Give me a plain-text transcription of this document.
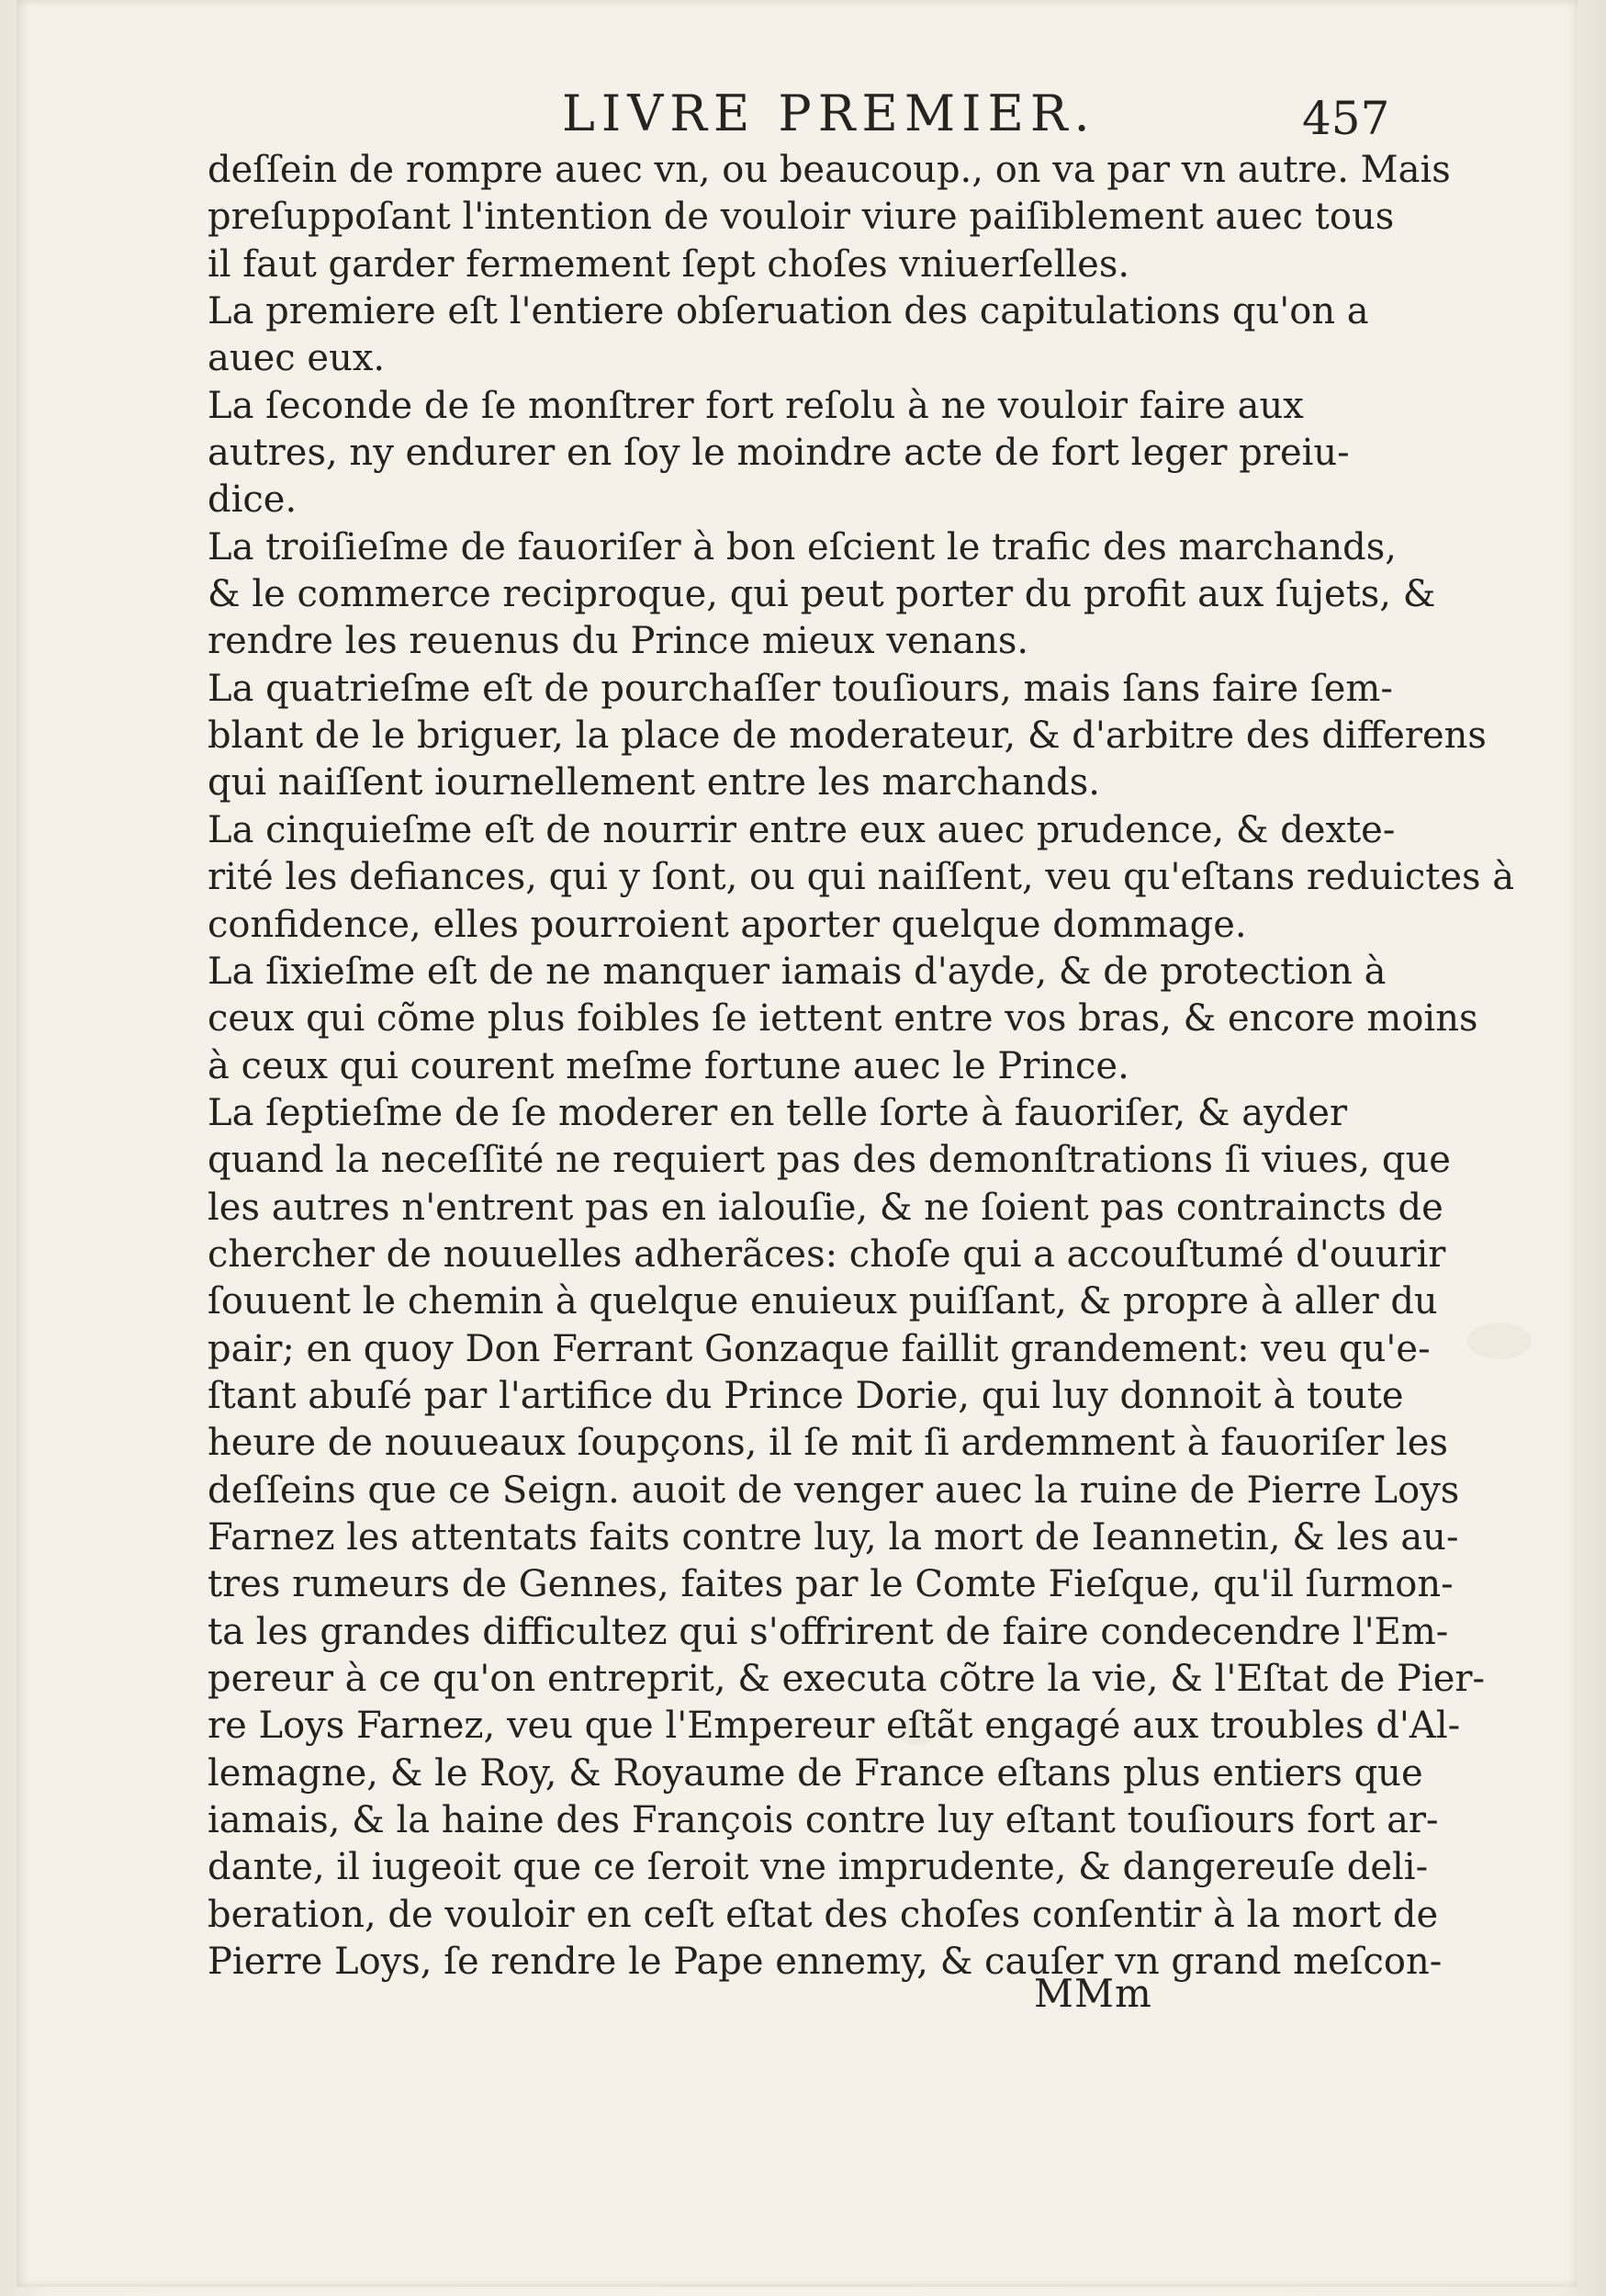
LIVRE PREMIER.	457
deſſein de rompre auec vn, ou beaucoup., on va par vn autre. Mais
preſuppoſant l'intention de vouloir viure paiſiblement auec tous
il faut garder fermement ſept choſes vniuerſelles.
La premiere eſt l'entiere obſeruation des capitulations qu'on a
auec eux.
La ſeconde de ſe monſtrer fort reſolu à ne vouloir faire aux
autres, ny endurer en ſoy le moindre acte de fort leger preiu-
dice.
La troiſieſme de fauoriſer à bon eſcient le trafic des marchands,
& le commerce reciproque, qui peut porter du profit aux ſujets, &
rendre les reuenus du Prince mieux venans.
La quatrieſme eſt de pourchaſſer touſiours, mais ſans faire ſem-
blant de le briguer, la place de moderateur, & d'arbitre des differens
qui naiſſent iournellement entre les marchands.
La cinquieſme eſt de nourrir entre eux auec prudence, & dexte-
rité les defiances, qui y ſont, ou qui naiſſent, veu qu'eſtans reduictes à
confidence, elles pourroient aporter quelque dommage.
La ſixieſme eſt de ne manquer iamais d'ayde, & de protection à
ceux qui cõme plus foibles ſe iettent entre vos bras, & encore moins
à ceux qui courent meſme fortune auec le Prince.
La ſeptieſme de ſe moderer en telle ſorte à fauoriſer, & ayder
quand la neceſſité ne requiert pas des demonſtrations ſi viues, que
les autres n'entrent pas en ialouſie, & ne ſoient pas contraincts de
chercher de nouuelles adherãces: choſe qui a accouſtumé d'ouurir
ſouuent le chemin à quelque enuieux puiſſant, & propre à aller du
pair; en quoy Don Ferrant Gonzaque faillit grandement: veu qu'e-
ſtant abuſé par l'artifice du Prince Dorie, qui luy donnoit à toute
heure de nouueaux ſoupçons, il ſe mit ſi ardemment à fauoriſer les
deſſeins que ce Seign. auoit de venger auec la ruine de Pierre Loys
Farnez les attentats faits contre luy, la mort de Ieannetin, & les au-
tres rumeurs de Gennes, faites par le Comte Fieſque, qu'il ſurmon-
ta les grandes difficultez qui s'offrirent de faire condecendre l'Em-
pereur à ce qu'on entreprit, & executa cõtre la vie, & l'Eſtat de Pier-
re Loys Farnez, veu que l'Empereur eſtãt engagé aux troubles d'Al-
lemagne, & le Roy, & Royaume de France eſtans plus entiers que
iamais, & la haine des François contre luy eſtant touſiours fort ar-
dante, il iugeoit que ce ſeroit vne imprudente, & dangereuſe deli-
beration, de vouloir en ceſt eſtat des choſes conſentir à la mort de
Pierre Loys, ſe rendre le Pape ennemy, & cauſer vn grand meſcon-
MMm
